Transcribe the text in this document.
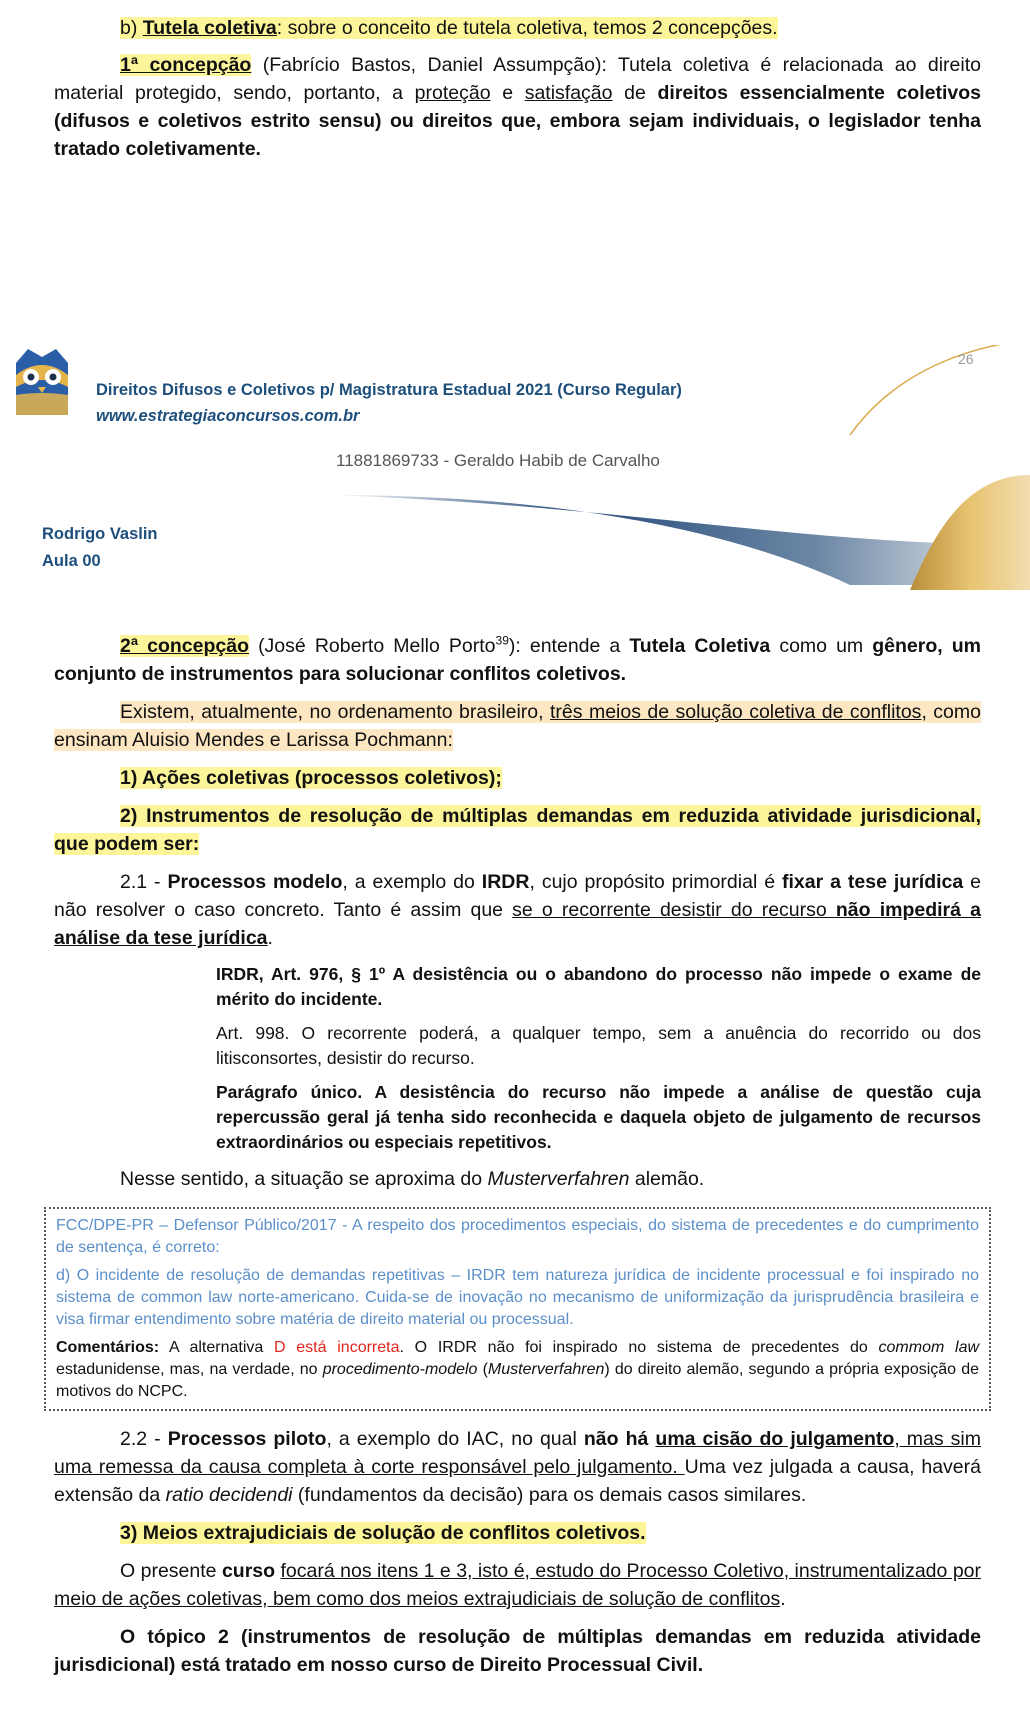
b) Tutela coletiva: sobre o conceito de tutela coletiva, temos 2 concepções.

1ª concepção (Fabrício Bastos, Daniel Assumpção): Tutela coletiva é relacionada ao direito material protegido, sendo, portanto, a proteção e satisfação de direitos essencialmente coletivos (difusos e coletivos estrito sensu) ou direitos que, embora sejam individuais, o legislador tenha tratado coletivamente.

26
Direitos Difusos e Coletivos p/ Magistratura Estadual 2021 (Curso Regular)
www.estrategiaconcursos.com.br
11881869733 - Geraldo Habib de Carvalho
Rodrigo Vaslin
Aula 00

2ª concepção (José Roberto Mello Porto$^{39}$): entende a Tutela Coletiva como um gênero, um conjunto de instrumentos para solucionar conflitos coletivos.

Existem, atualmente, no ordenamento brasileiro, três meios de solução coletiva de conflitos, como ensinam Aluisio Mendes e Larissa Pochmann:

1) Ações coletivas (processos coletivos);

2) Instrumentos de resolução de múltiplas demandas em reduzida atividade jurisdicional, que podem ser:

2.1 - Processos modelo, a exemplo do IRDR, cujo propósito primordial é fixar a tese jurídica e não resolver o caso concreto. Tanto é assim que se o recorrente desistir do recurso não impedirá a análise da tese jurídica.

IRDR, Art. 976, § 1º A desistência ou o abandono do processo não impede o exame de mérito do incidente.

Art. 998. O recorrente poderá, a qualquer tempo, sem a anuência do recorrido ou dos litisconsortes, desistir do recurso.

Parágrafo único. A desistência do recurso não impede a análise de questão cuja repercussão geral já tenha sido reconhecida e daquela objeto de julgamento de recursos extraordinários ou especiais repetitivos.

Nesse sentido, a situação se aproxima do Musterverfahren alemão.

FCC/DPE-PR – Defensor Público/2017 - A respeito dos procedimentos especiais, do sistema de precedentes e do cumprimento de sentença, é correto:

d) O incidente de resolução de demandas repetitivas – IRDR tem natureza jurídica de incidente processual e foi inspirado no sistema de common law norte-americano. Cuida-se de inovação no mecanismo de uniformização da jurisprudência brasileira e visa firmar entendimento sobre matéria de direito material ou processual.

Comentários: A alternativa D está incorreta. O IRDR não foi inspirado no sistema de precedentes do commom law estadunidense, mas, na verdade, no procedimento-modelo (Musterverfahren) do direito alemão, segundo a própria exposição de motivos do NCPC.

2.2 - Processos piloto, a exemplo do IAC, no qual não há uma cisão do julgamento, mas sim uma remessa da causa completa à corte responsável pelo julgamento. Uma vez julgada a causa, haverá extensão da ratio decidendi (fundamentos da decisão) para os demais casos similares.

3) Meios extrajudiciais de solução de conflitos coletivos.

O presente curso focará nos itens 1 e 3, isto é, estudo do Processo Coletivo, instrumentalizado por meio de ações coletivas, bem como dos meios extrajudiciais de solução de conflitos.

O tópico 2 (instrumentos de resolução de múltiplas demandas em reduzida atividade jurisdicional) está tratado em nosso curso de Direito Processual Civil.
